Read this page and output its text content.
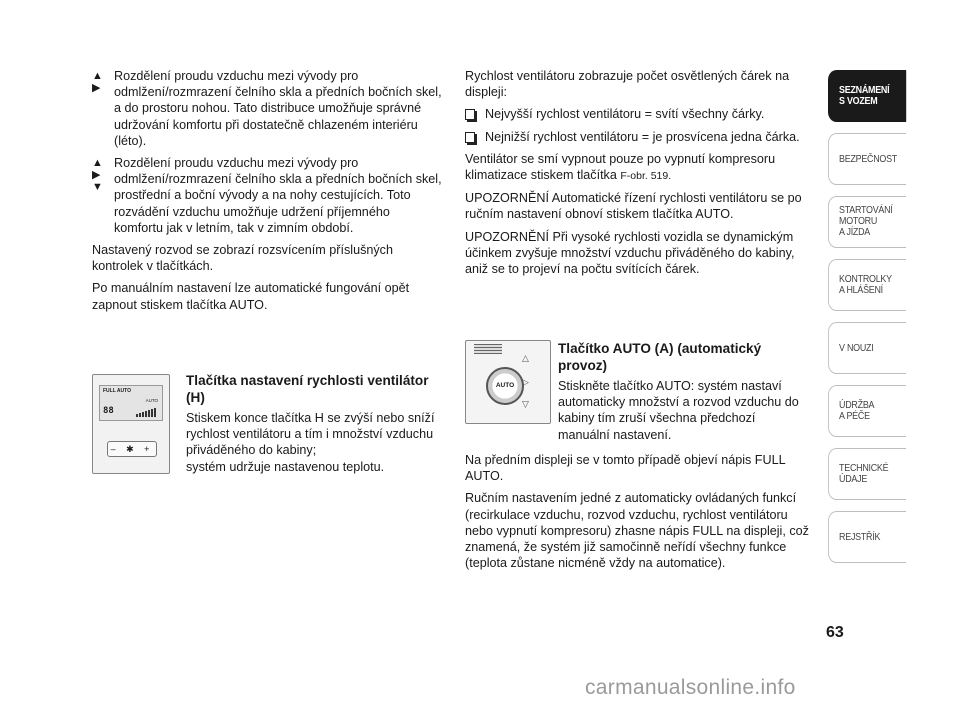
▲
▶
Rozdělení proudu vzduchu mezi vývody pro odmlžení/rozmrazení čelního skla a předních bočních skel, a do prostoru nohou. Tato distribuce umožňuje správné udržování komfortu při dostatečně chlazeném interiéru (léto).
▲
▶
▼
Rozdělení proudu vzduchu mezi vývody pro odmlžení/rozmrazení čelního skla a předních bočních skel, prostřední a boční vývody a na nohy cestujících. Toto rozvádění vzduchu umožňuje udržení příjemného komfortu jak v letním, tak v zimním období.

Nastavený rozvod se zobrazí rozsvícením příslušných kontrolek v tlačítkách.

Po manuálním nastavení lze automatické fungování opět zapnout stiskem tlačítka AUTO.

Tlačítka nastavení rychlosti ventilátor (H)

Stiskem konce tlačítka H se zvýší nebo sníží rychlost ventilátoru a tím i množství vzduchu přiváděného do kabiny;

systém udržuje nastavenou teplotu.

FULL AUTO
AUTO
88
– ✱ +

Rychlost ventilátoru zobrazuje počet osvětlených čárek na displeji:

Nejvyšší rychlost ventilátoru = svítí všechny čárky.
Nejnižší rychlost ventilátoru = je prosvícena jedna čárka.

Ventilátor se smí vypnout pouze po vypnutí kompresoru klimatizace stiskem tlačítka F-obr. 519.

UPOZORNĚNÍ Automatické řízení rychlosti ventilátoru se po ručním nastavení obnoví stiskem tlačítka AUTO.

UPOZORNĚNÍ Při vysoké rychlosti vozidla se dynamickým účinkem zvyšuje množství vzduchu přiváděného do kabiny, aniž se to projeví na počtu svítících čárek.

Tlačítko AUTO (A) (automatický provoz)

Stiskněte tlačítko AUTO: systém nastaví automaticky množství a rozvod vzduchu do kabiny tím zruší všechna předchozí manuální nastavení.

AUTO
△
▷
▽

Na předním displeji se v tomto případě objeví nápis FULL AUTO.

Ručním nastavením jedné z automaticky ovládaných funkcí (recirkulace vzduchu, rozvod vzduchu, rychlost ventilátoru nebo vypnutí kompresoru) zhasne nápis FULL na displeji, což znamená, že systém již samočinně neřídí všechny funkce (teplota zůstane nicméně vždy na automatice).

SEZNÁMENÍ
S VOZEM
BEZPEČNOST
STARTOVÁNÍ
MOTORU
A JÍZDA
KONTROLKY
A HLÁŠENÍ
V NOUZI
ÚDRŽBA
A PÉČE
TECHNICKÉ
ÚDAJE
REJSTŘÍK
63
carmanualsonline.info
